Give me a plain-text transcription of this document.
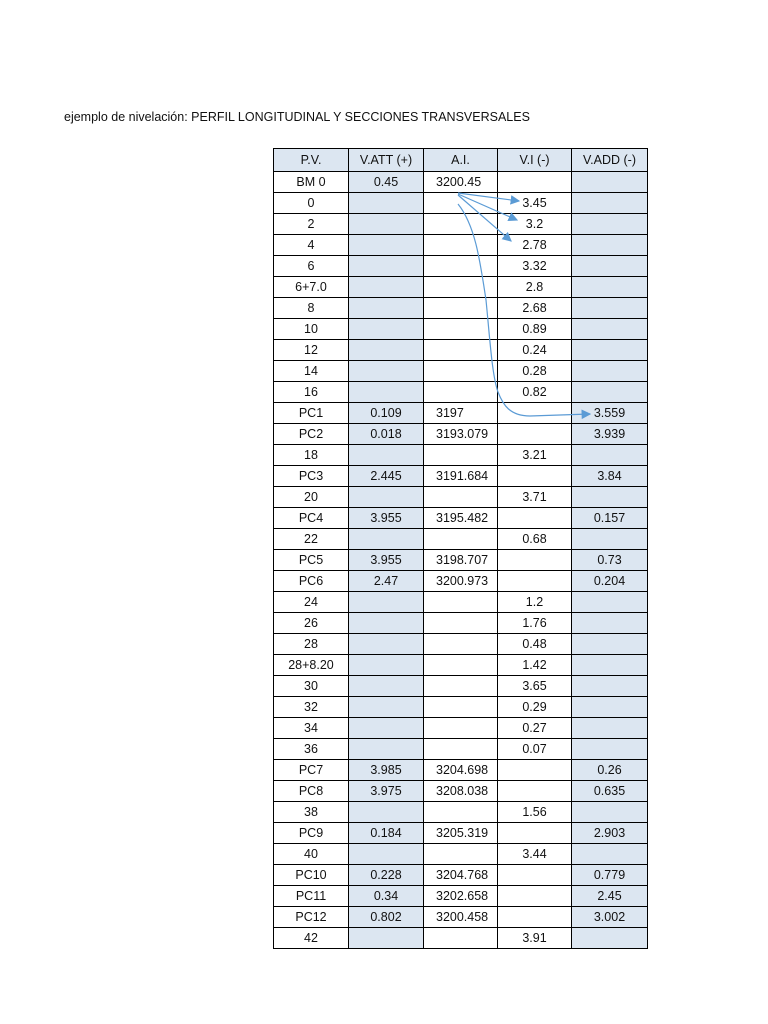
ejemplo de nivelación: PERFIL LONGITUDINAL Y SECCIONES TRANSVERSALES
P.V.	V.ATT (+)	A.I.	V.I (-)	V.ADD (-)
BM 0	0.45	3200.45		
0			3.45	
2			3.2	
4			2.78	
6			3.32	
6+7.0			2.8	
8			2.68	
10			0.89	
12			0.24	
14			0.28	
16			0.82	
PC1	0.109	3197		3.559
PC2	0.018	3193.079		3.939
18			3.21	
PC3	2.445	3191.684		3.84
20			3.71	
PC4	3.955	3195.482		0.157
22			0.68	
PC5	3.955	3198.707		0.73
PC6	2.47	3200.973		0.204
24			1.2	
26			1.76	
28			0.48	
28+8.20			1.42	
30			3.65	
32			0.29	
34			0.27	
36			0.07	
PC7	3.985	3204.698		0.26
PC8	3.975	3208.038		0.635
38			1.56	
PC9	0.184	3205.319		2.903
40			3.44	
PC10	0.228	3204.768		0.779
PC11	0.34	3202.658		2.45
PC12	0.802	3200.458		3.002
42			3.91	
